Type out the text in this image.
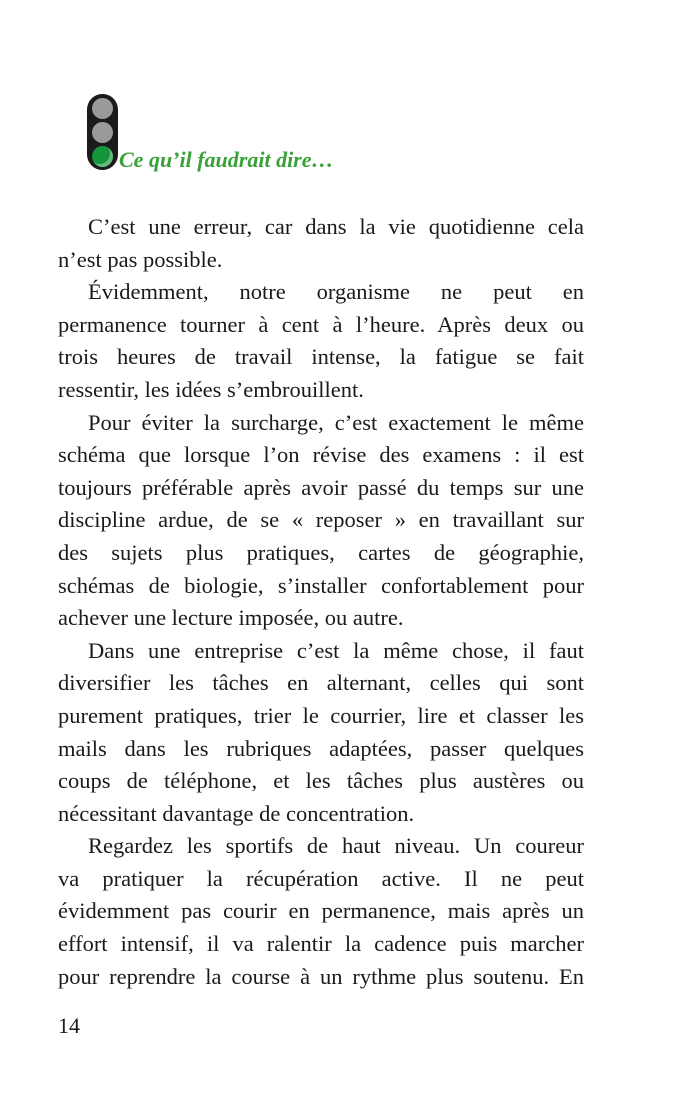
Ce qu’il faudrait dire…
C’est une erreur, car dans la vie quotidienne cela
n’est pas possible.
Évidemment, notre organisme ne peut en
permanence tourner à cent à l’heure. Après deux ou
trois heures de travail intense, la fatigue se fait
ressentir, les idées s’embrouillent.
Pour éviter la surcharge, c’est exactement le même
schéma que lorsque l’on révise des examens : il est
toujours préférable après avoir passé du temps sur une
discipline ardue, de se « reposer » en travaillant sur
des sujets plus pratiques, cartes de géographie,
schémas de biologie, s’installer confortablement pour
achever une lecture imposée, ou autre.
Dans une entreprise c’est la même chose, il faut
diversifier les tâches en alternant, celles qui sont
purement pratiques, trier le courrier, lire et classer les
mails dans les rubriques adaptées, passer quelques
coups de téléphone, et les tâches plus austères ou
nécessitant davantage de concentration.
Regardez les sportifs de haut niveau. Un coureur
va pratiquer la récupération active. Il ne peut
évidemment pas courir en permanence, mais après un
effort intensif, il va ralentir la cadence puis marcher
pour reprendre la course à un rythme plus soutenu. En
14
